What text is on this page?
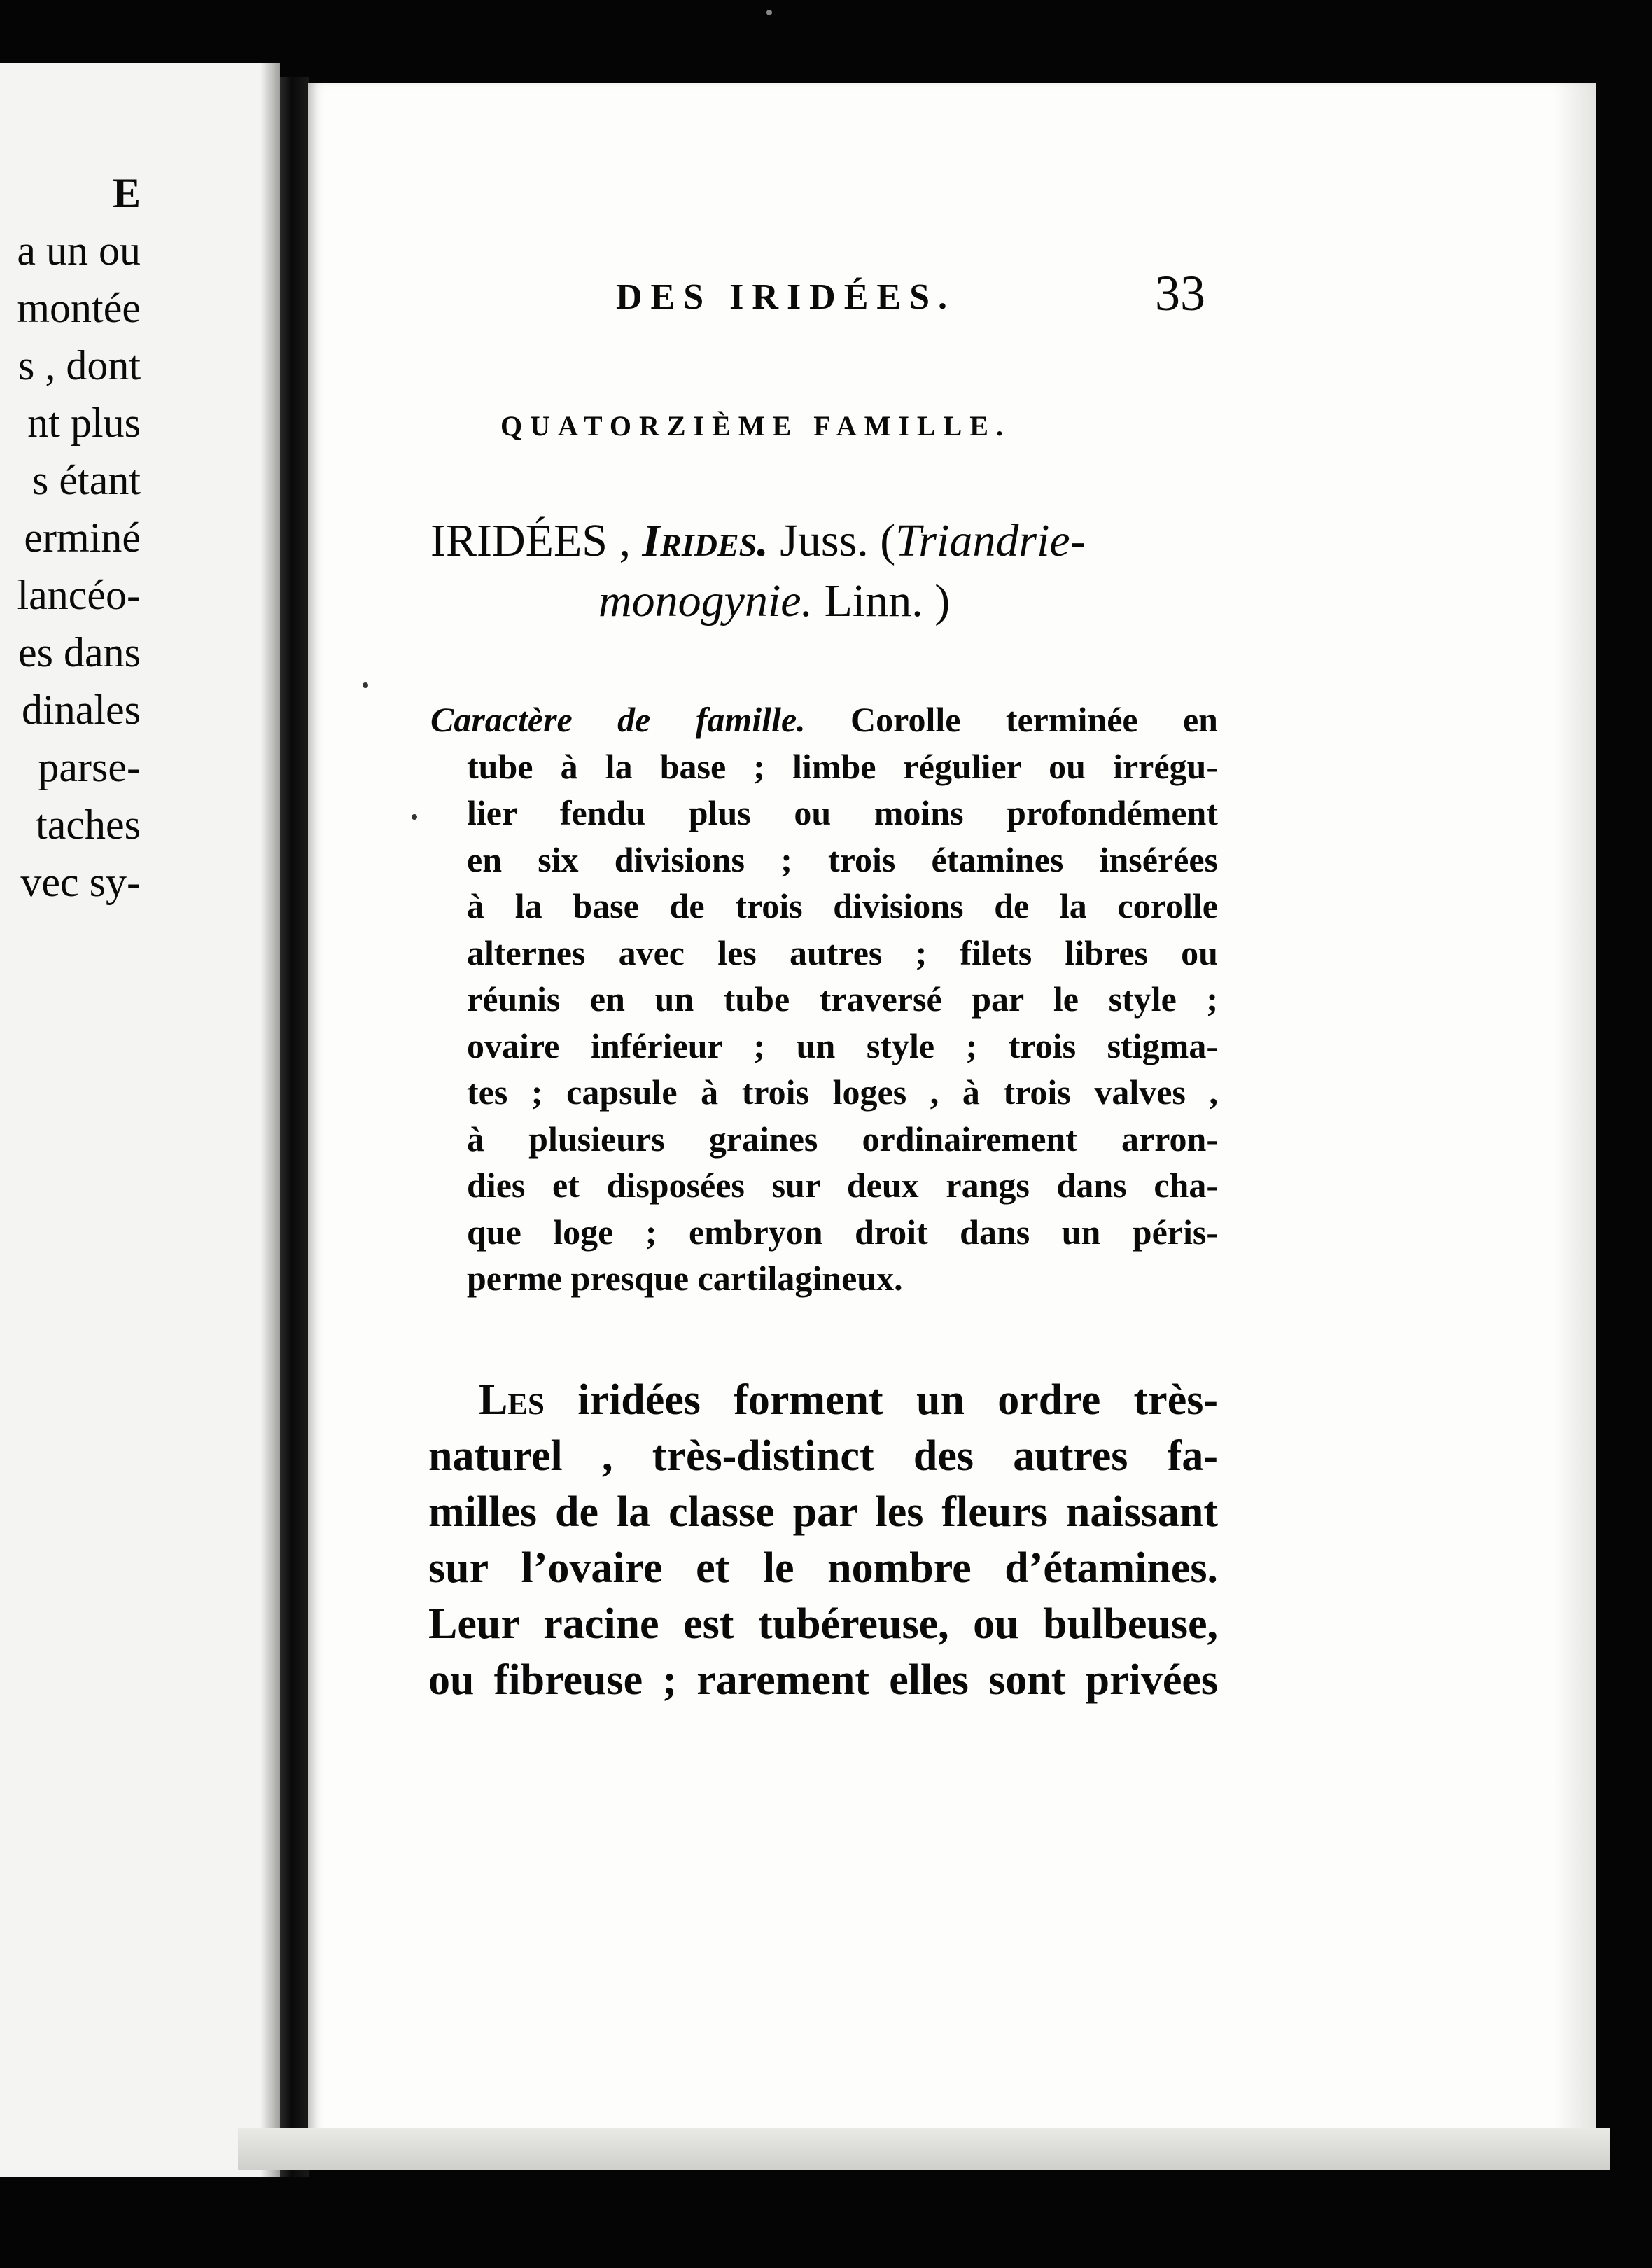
E
a un ou
montée
s , dont
nt plus
s étant
erminé
lancéo-
es dans
dinales
parse-
taches
vec sy-
DES IRIDÉES.	33
QUATORZIÈME FAMILLE.
IRIDÉES , Irides. Juss. (Triandrie-
monogynie. Linn. )
Caractère de famille. Corolle terminée en
tube à la base ; limbe régulier ou irrégu-
lier fendu plus ou moins profondément
en six divisions ; trois étamines insérées
à la base de trois divisions de la corolle
alternes avec les autres ; filets libres ou
réunis en un tube traversé par le style ;
ovaire inférieur ; un style ; trois stigma-
tes ; capsule à trois loges , à trois valves ,
à plusieurs graines ordinairement arron-
dies et disposées sur deux rangs dans cha-
que loge ; embryon droit dans un péris-
perme presque cartilagineux.
Les iridées forment un ordre très-
naturel , très-distinct des autres fa-
milles de la classe par les fleurs naissant
sur l’ovaire et le nombre d’étamines.
Leur racine est tubéreuse, ou bulbeuse,
ou fibreuse ; rarement elles sont privées
